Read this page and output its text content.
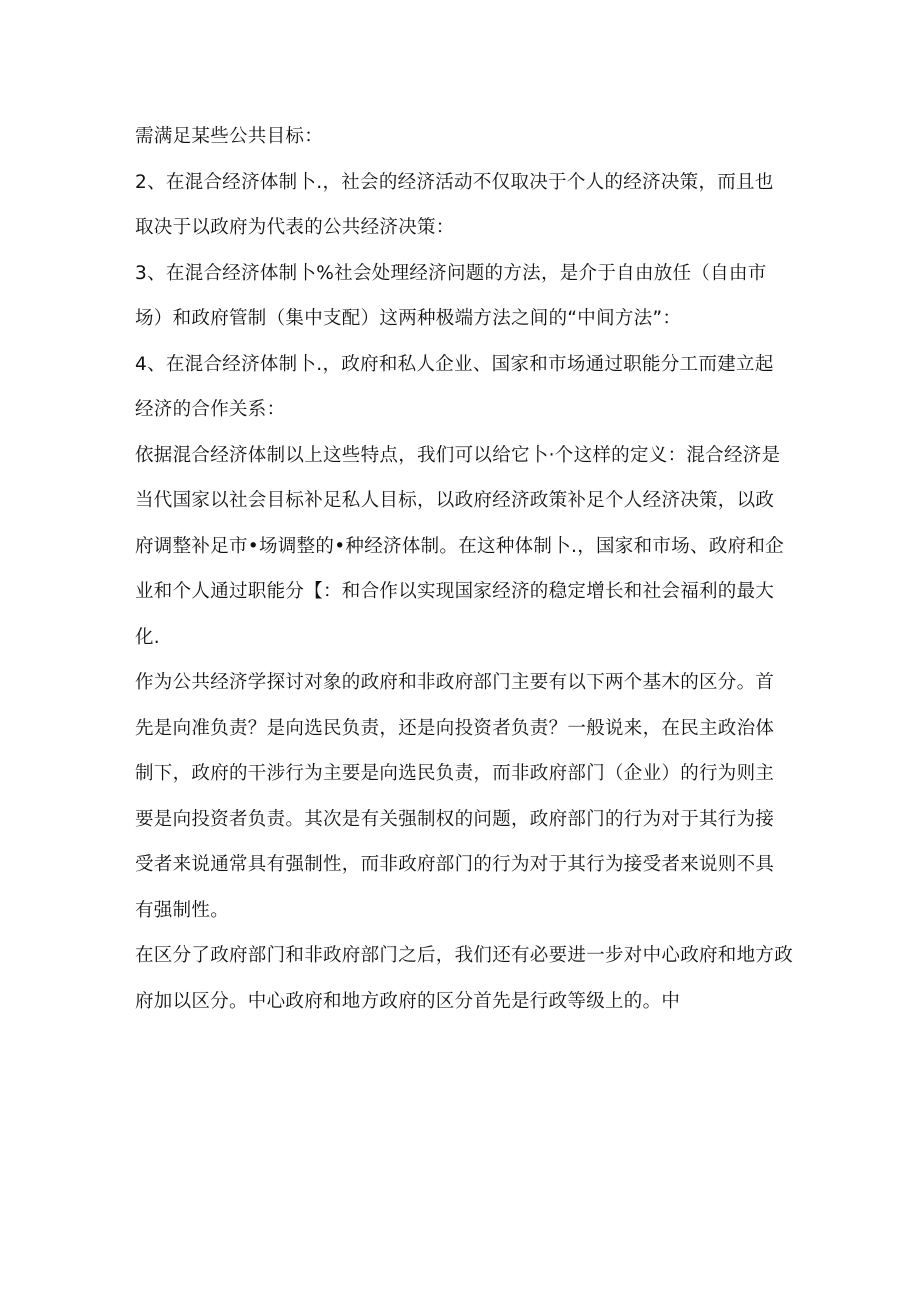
需满足某些公共目标：
2、在混合经济体制卜.，社会的经济活动不仅取决于个人的经济决策，而且也
取决于以政府为代表的公共经济决策：
3、在混合经济体制卜%社会处理经济问题的方法，是介于自由放任（自由市
场）和政府管制（集中支配）这两种极端方法之间的“中间方法”：
4、在混合经济体制卜.，政府和私人企业、国家和市场通过职能分工而建立起
经济的合作关系：
依据混合经济体制以上这些特点，我们可以给它卜·个这样的定义：混合经济是
当代国家以社会目标补足私人目标，以政府经济政策补足个人经济决策，以政
府调整补足市•场调整的•种经济体制。在这种体制卜.，国家和市场、政府和企
业和个人通过职能分【：和合作以实现国家经济的稳定增长和社会福利的最大
化.
作为公共经济学探讨对象的政府和非政府部门主要有以下两个基木的区分。首
先是向准负责？是向选民负责，还是向投资者负责？一般说来，在民主政治体
制下，政府的干涉行为主要是向选民负责，而非政府部门（企业）的行为则主
要是向投资者负责。其次是有关强制权的问题，政府部门的行为对于其行为接
受者来说通常具有强制性，而非政府部门的行为对于其行为接受者来说则不具
有强制性。
在区分了政府部门和非政府部门之后，我们还有必要进一步对中心政府和地方政
府加以区分。中心政府和地方政府的区分首先是行政等级上的。中
